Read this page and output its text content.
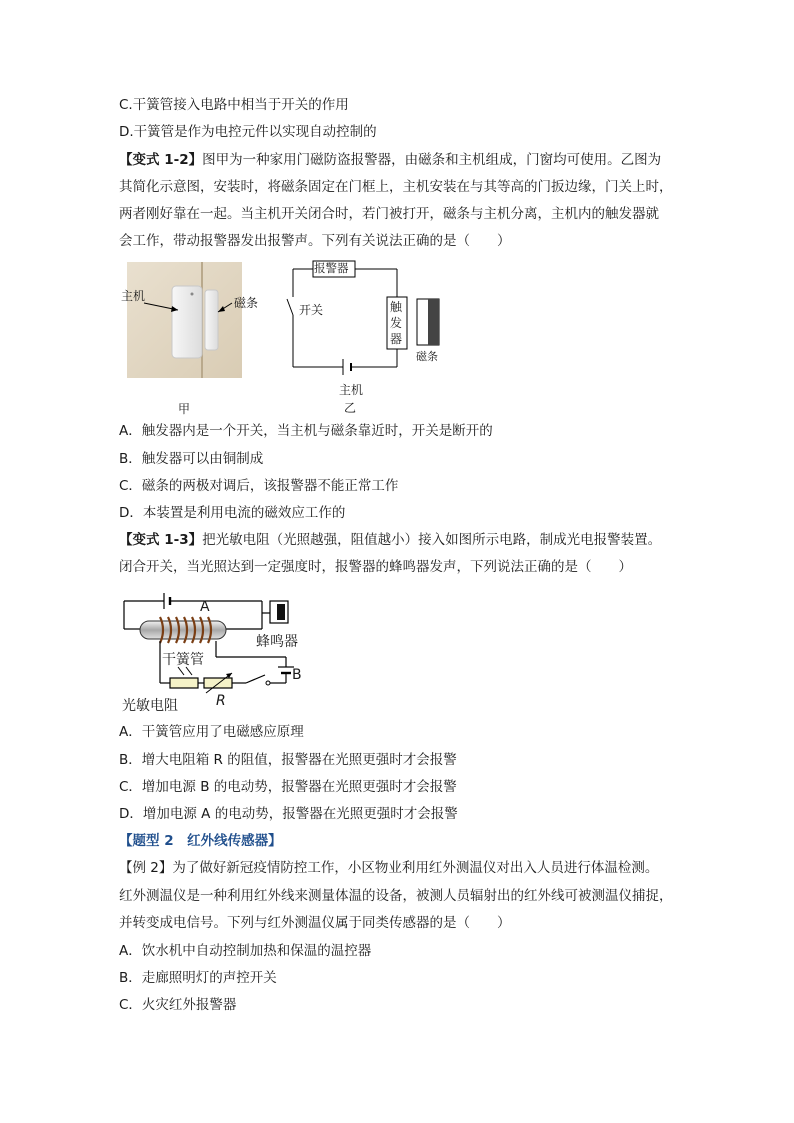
C.干簧管接入电路中相当于开关的作用
D.干簧管是作为电控元件以实现自动控制的
【变式 1-2】图甲为一种家用门磁防盗报警器，由磁条和主机组成，门窗均可使用。乙图为
其简化示意图，安装时，将磁条固定在门框上，主机安装在与其等高的门扳边缘，门关上时，
两者刚好靠在一起。当主机开关闭合时，若门被打开，磁条与主机分离，主机内的触发器就
会工作，带动报警器发出报警声。下列有关说法正确的是（　　）
主机	磁条
甲
报警器
开关	触
发
器
磁条
主机
乙
A．触发器内是一个开关，当主机与磁条靠近时，开关是断开的
B．触发器可以由铜制成
C．磁条的两极对调后，该报警器不能正常工作
D．本装置是利用电流的磁效应工作的
【变式 1-3】把光敏电阻（光照越强，阻值越小）接入如图所示电路，制成光电报警装置。
闭合开关，当光照达到一定强度时，报警器的蜂鸣器发声，下列说法正确的是（　　）
A
蜂鸣器
干簧管
B
光敏电阻	R
A．干簧管应用了电磁感应原理
B．增大电阻箱 R 的阻值，报警器在光照更强时才会报警
C．增加电源 B 的电动势，报警器在光照更强时才会报警
D．增加电源 A 的电动势，报警器在光照更强时才会报警
【题型 2　红外线传感器】
【例 2】为了做好新冠疫情防控工作，小区物业利用红外测温仪对出入人员进行体温检测。
红外测温仪是一种利用红外线来测量体温的设备，被测人员辐射出的红外线可被测温仪捕捉，
并转变成电信号。下列与红外测温仪属于同类传感器的是（　　）
A．饮水机中自动控制加热和保温的温控器
B．走廊照明灯的声控开关
C．火灾红外报警器
